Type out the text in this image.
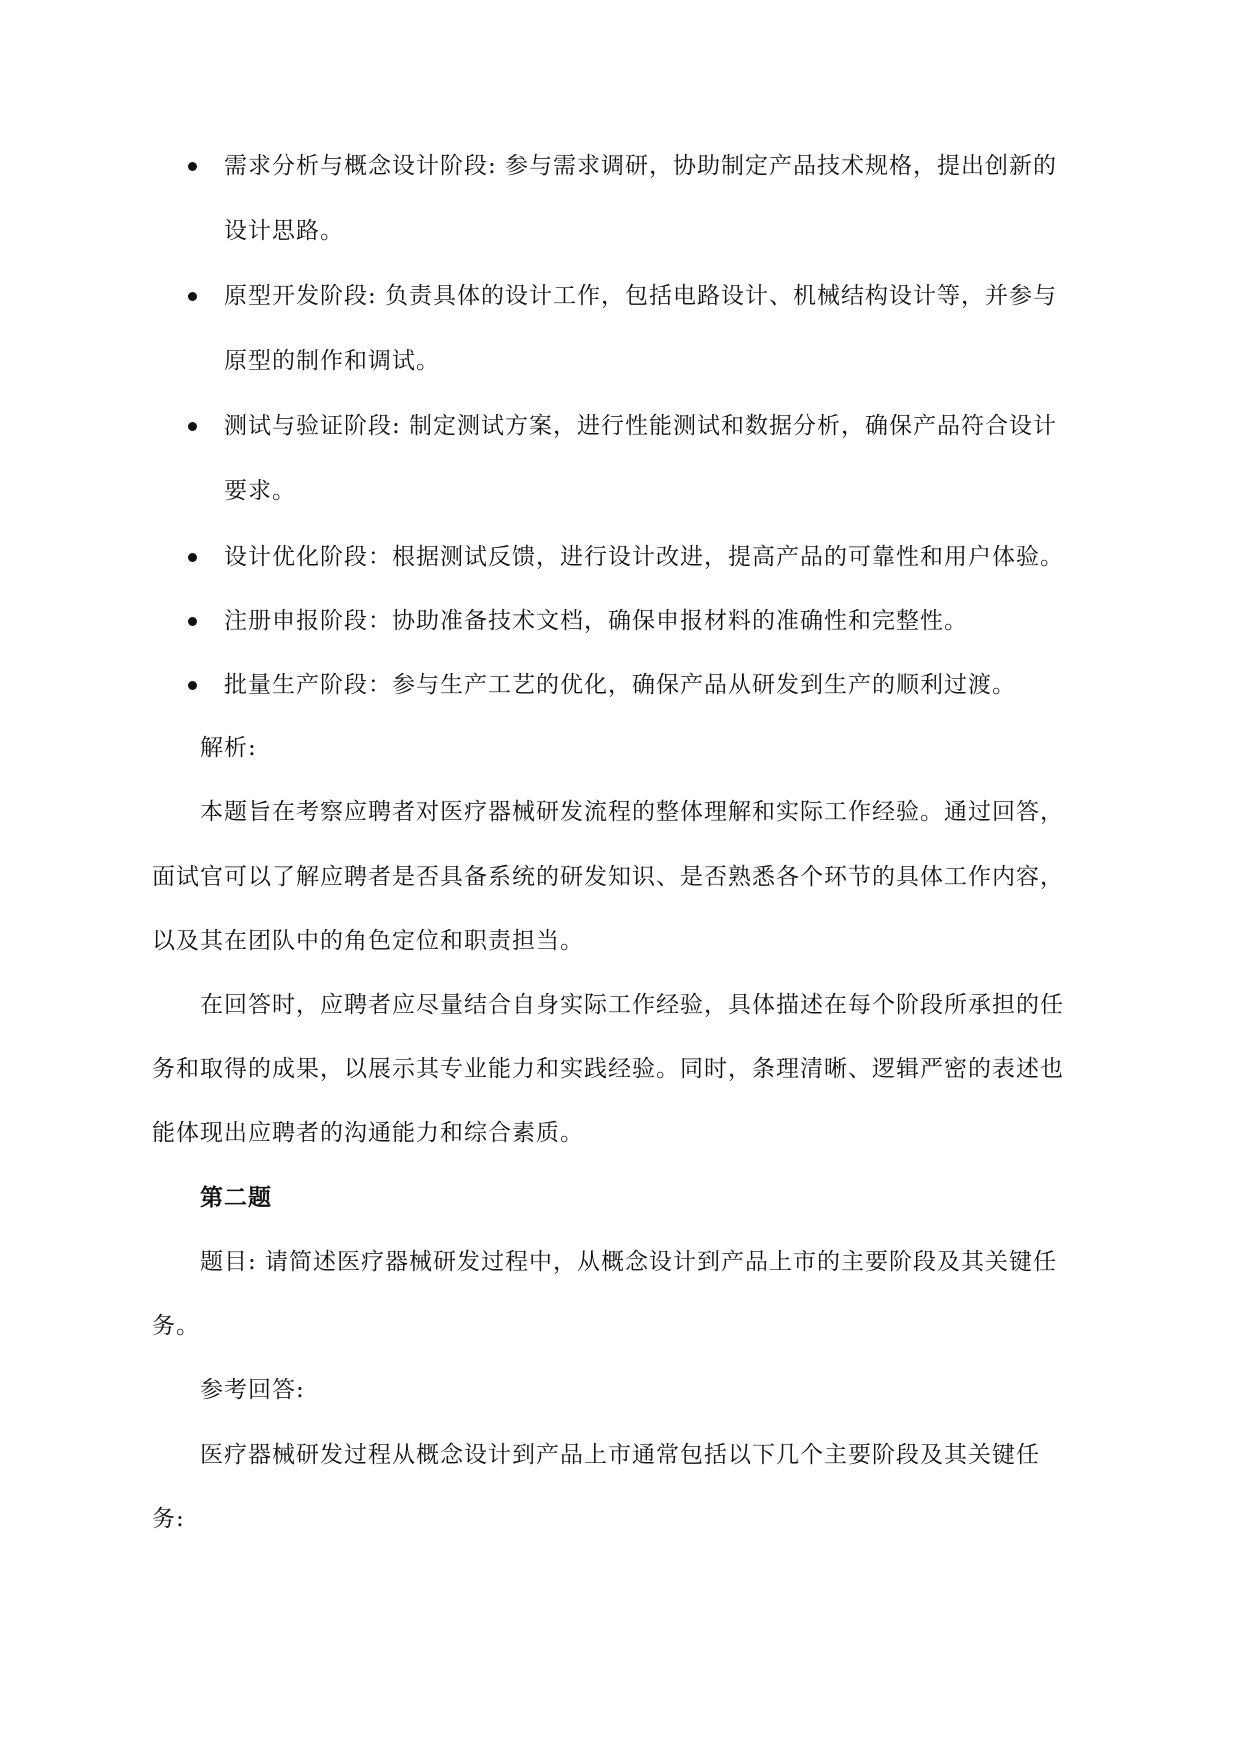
需求分析与概念设计阶段: 参与需求调研，协助制定产品技术规格，提出创新的
设计思路。
原型开发阶段: 负责具体的设计工作，包括电路设计、机械结构设计等，并参与
原型的制作和调试。
测试与验证阶段: 制定测试方案，进行性能测试和数据分析，确保产品符合设计
要求。
设计优化阶段：根据测试反馈，进行设计改进，提高产品的可靠性和用户体验。
注册申报阶段：协助准备技术文档，确保申报材料的准确性和完整性。
批量生产阶段：参与生产工艺的优化，确保产品从研发到生产的顺利过渡。
解析:
本题旨在考察应聘者对医疗器械研发流程的整体理解和实际工作经验。通过回答，
面试官可以了解应聘者是否具备系统的研发知识、是否熟悉各个环节的具体工作内容，
以及其在团队中的角色定位和职责担当。
在回答时，应聘者应尽量结合自身实际工作经验，具体描述在每个阶段所承担的任
务和取得的成果，以展示其专业能力和实践经验。同时，条理清晰、逻辑严密的表述也
能体现出应聘者的沟通能力和综合素质。
第二题
题目: 请简述医疗器械研发过程中，从概念设计到产品上市的主要阶段及其关键任
务。
参考回答:
医疗器械研发过程从概念设计到产品上市通常包括以下几个主要阶段及其关键任
务:
